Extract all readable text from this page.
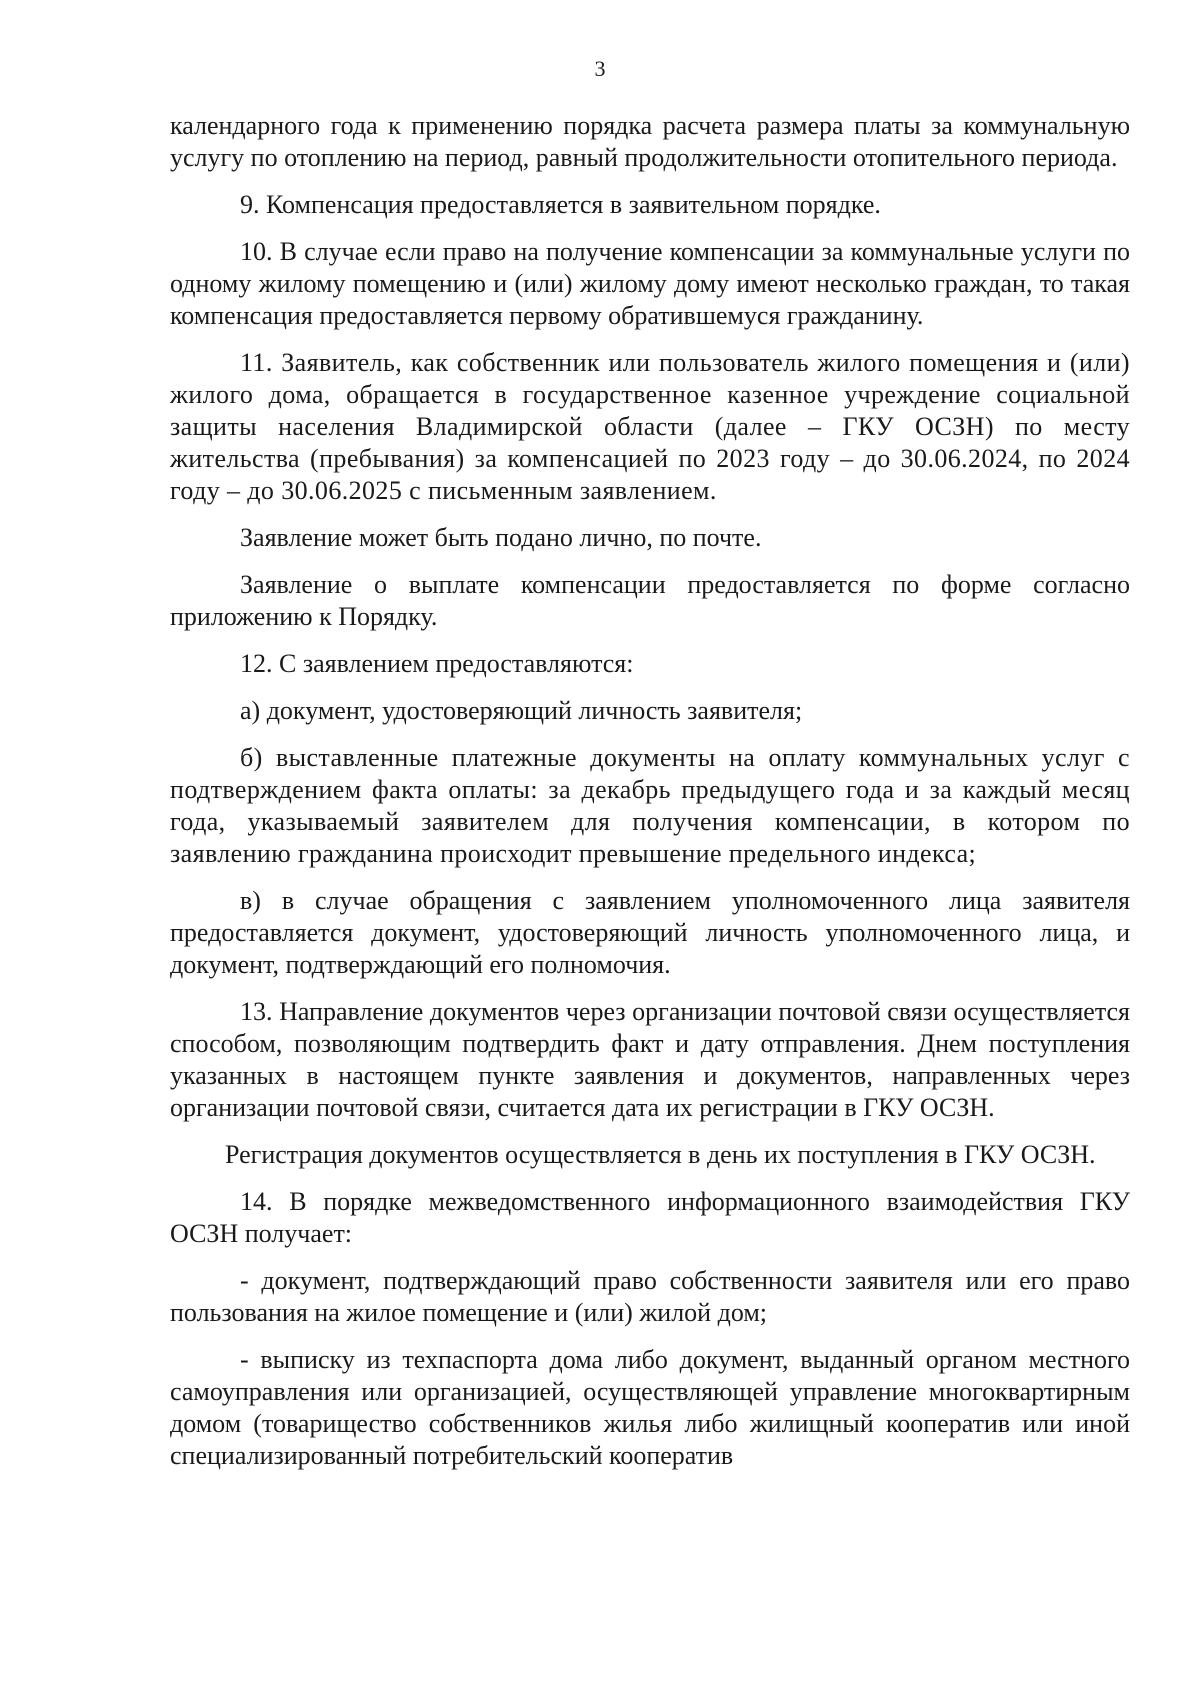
3

календарного года к применению порядка расчета размера платы за коммунальную услугу по отоплению на период, равный продолжительности отопительного периода.

9. Компенсация предоставляется в заявительном порядке.

10. В случае если право на получение компенсации за коммунальные услуги по одному жилому помещению и (или) жилому дому имеют несколько граждан, то такая компенсация предоставляется первому обратившемуся гражданину.

11. Заявитель, как собственник или пользователь жилого помещения и (или) жилого дома, обращается в государственное казенное учреждение социальной защиты населения Владимирской области (далее – ГКУ ОСЗН) по месту жительства (пребывания) за компенсацией по 2023 году – до 30.06.2024, по 2024 году – до 30.06.2025 с письменным заявлением.

Заявление может быть подано лично, по почте.

Заявление о выплате компенсации предоставляется по форме согласно приложению к Порядку.

12. С заявлением предоставляются:

а) документ, удостоверяющий личность заявителя;

б) выставленные платежные документы на оплату коммунальных услуг с подтверждением факта оплаты: за декабрь предыдущего года и за каждый месяц года, указываемый заявителем для получения компенсации, в котором по заявлению гражданина происходит превышение предельного индекса;

в) в случае обращения с заявлением уполномоченного лица заявителя предоставляется документ, удостоверяющий личность уполномоченного лица, и документ, подтверждающий его полномочия.

13. Направление документов через организации почтовой связи осуществляется способом, позволяющим подтвердить факт и дату отправления. Днем поступления указанных в настоящем пункте заявления и документов, направленных через организации почтовой связи, считается дата их регистрации в ГКУ ОСЗН.

Регистрация документов осуществляется в день их поступления в ГКУ ОСЗН.

14. В порядке межведомственного информационного взаимодействия ГКУ ОСЗН получает:

- документ, подтверждающий право собственности заявителя или его право пользования на жилое помещение и (или) жилой дом;

- выписку из техпаспорта дома либо документ, выданный органом местного самоуправления или организацией, осуществляющей управление многоквартирным домом (товарищество собственников жилья либо жилищный кооператив или иной специализированный потребительский кооператив
